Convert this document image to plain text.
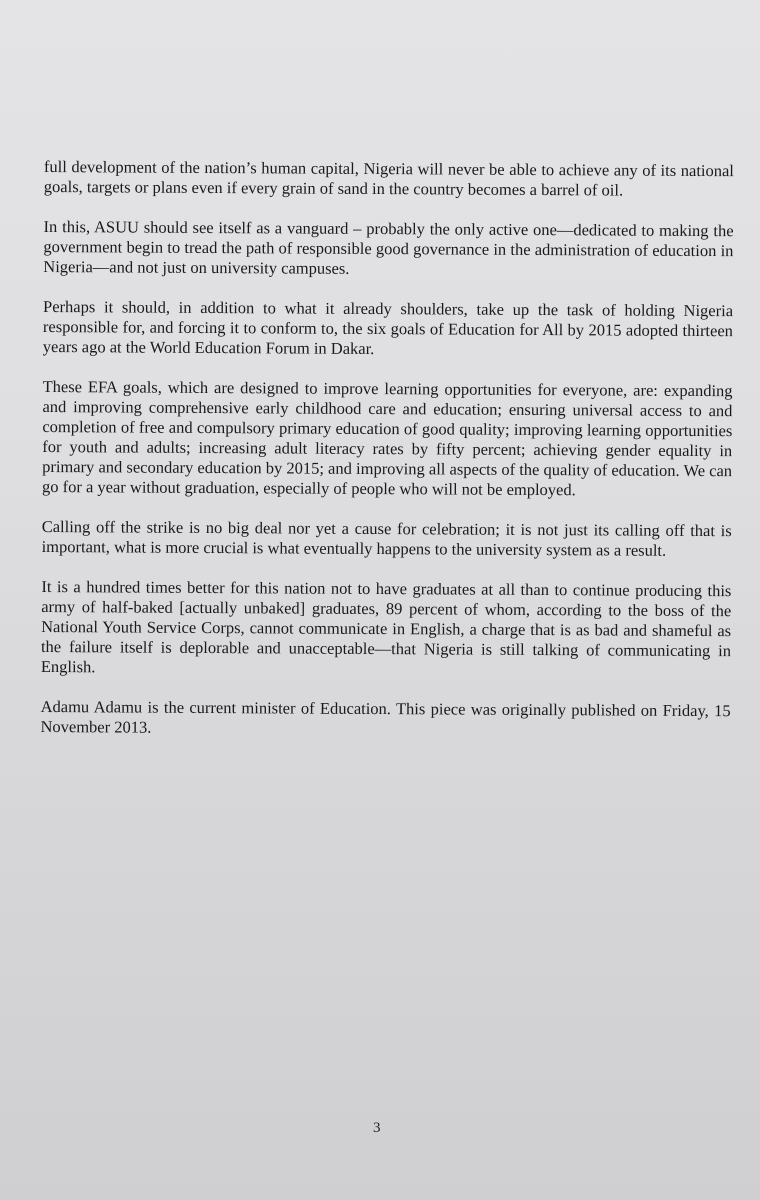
full development of the nation’s human capital, Nigeria will never be able to achieve any of its national goals, targets or plans even if every grain of sand in the country becomes a barrel of oil.

In this, ASUU should see itself as a vanguard – probably the only active one—dedicated to making the government begin to tread the path of responsible good governance in the administration of education in Nigeria—and not just on university campuses.

Perhaps it should, in addition to what it already shoulders, take up the task of holding Nigeria responsible for, and forcing it to conform to, the six goals of Education for All by 2015 adopted thirteen years ago at the World Education Forum in Dakar.

These EFA goals, which are designed to improve learning opportunities for everyone, are: expanding and improving comprehensive early childhood care and education; ensuring universal access to and completion of free and compulsory primary education of good quality; improving learning opportunities for youth and adults; increasing adult literacy rates by fifty percent; achieving gender equality in primary and secondary education by 2015; and improving all aspects of the quality of education. We can go for a year without graduation, especially of people who will not be employed.

Calling off the strike is no big deal nor yet a cause for celebration; it is not just its calling off that is important, what is more crucial is what eventually happens to the university system as a result.

It is a hundred times better for this nation not to have graduates at all than to continue producing this army of half-baked [actually unbaked] graduates, 89 percent of whom, according to the boss of the National Youth Service Corps, cannot communicate in English, a charge that is as bad and shameful as the failure itself is deplorable and unacceptable—that Nigeria is still talking of communicating in English.

Adamu Adamu is the current minister of Education. This piece was originally published on Friday, 15 November 2013.

3
